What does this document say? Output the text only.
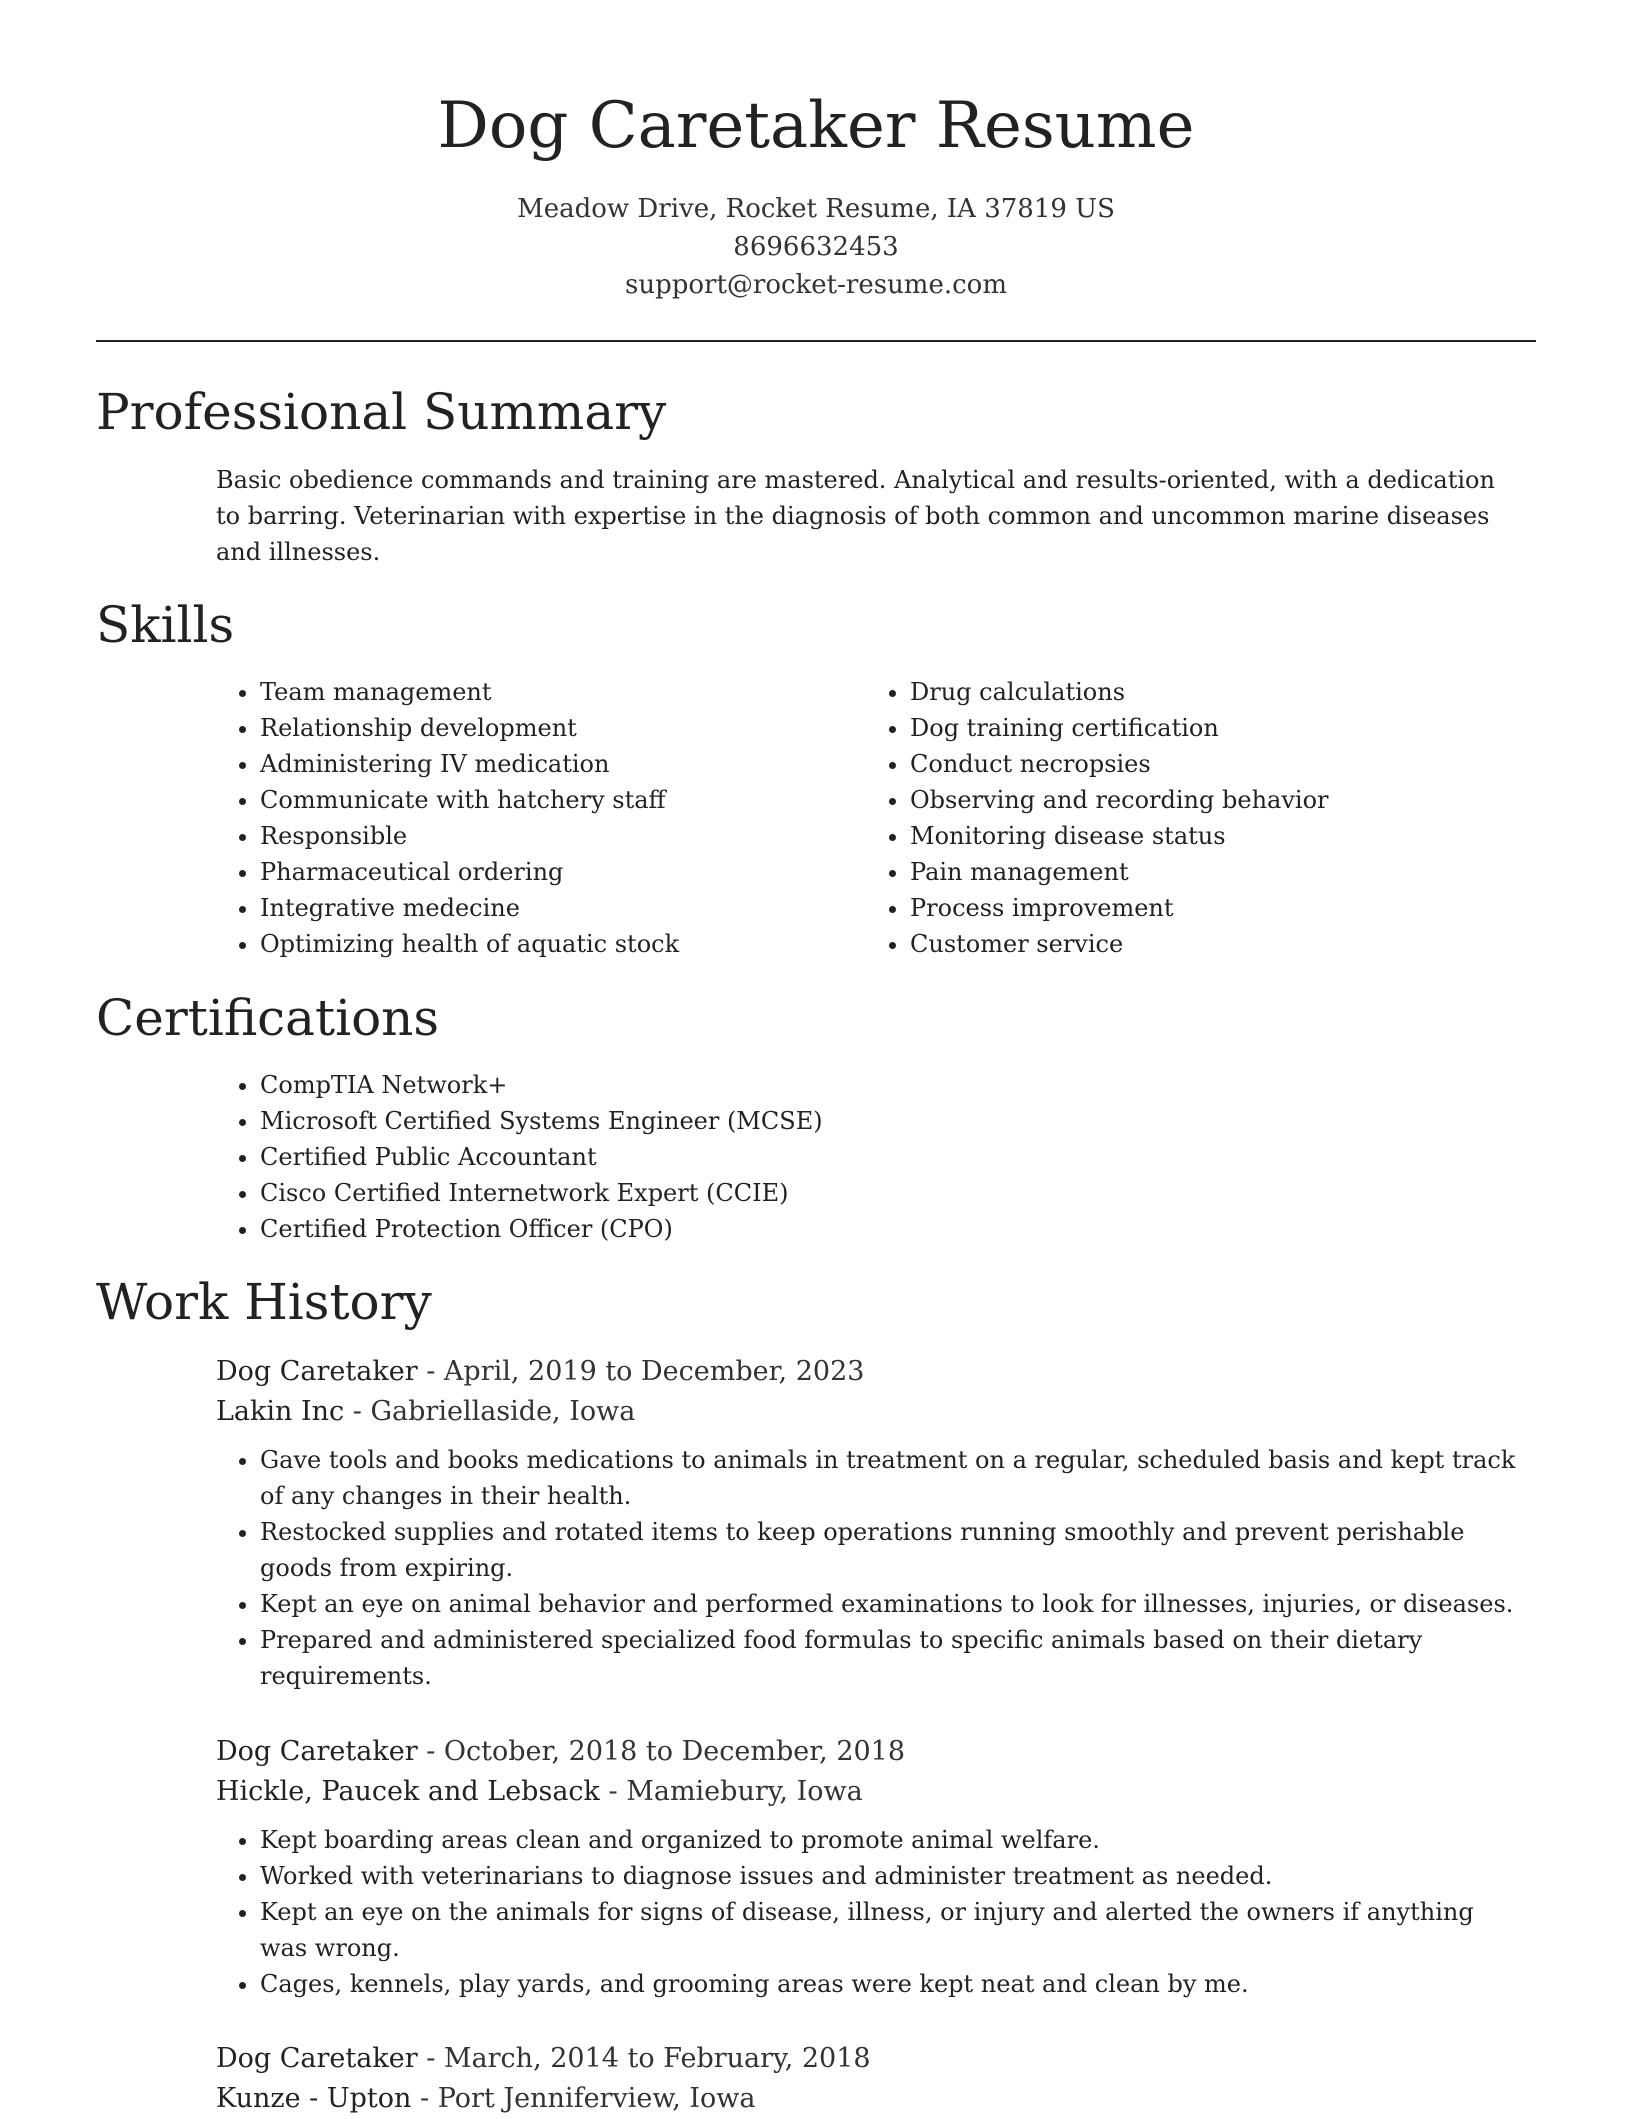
Dog Caretaker Resume
Meadow Drive, Rocket Resume, IA 37819 US
8696632453
support@rocket-resume.com
Professional Summary

Basic obedience commands and training are mastered. Analytical and results-oriented, with a dedication to barring. Veterinarian with expertise in the diagnosis of both common and uncommon marine diseases and illnesses.

Skills
• Team management
• Relationship development
• Administering IV medication
• Communicate with hatchery staff
• Responsible
• Pharmaceutical ordering
• Integrative medecine
• Optimizing health of aquatic stock
• Drug calculations
• Dog training certification
• Conduct necropsies
• Observing and recording behavior
• Monitoring disease status
• Pain management
• Process improvement
• Customer service
Certifications
• CompTIA Network+
• Microsoft Certified Systems Engineer (MCSE)
• Certified Public Accountant
• Cisco Certified Internetwork Expert (CCIE)
• Certified Protection Officer (CPO)
Work History
Dog Caretaker - April, 2019 to December, 2023
Lakin Inc - Gabriellaside, Iowa
• Gave tools and books medications to animals in treatment on a regular, scheduled basis and kept track of any changes in their health.
• Restocked supplies and rotated items to keep operations running smoothly and prevent perishable goods from expiring.
• Kept an eye on animal behavior and performed examinations to look for illnesses, injuries, or diseases.
• Prepared and administered specialized food formulas to specific animals based on their dietary requirements.
Dog Caretaker - October, 2018 to December, 2018
Hickle, Paucek and Lebsack - Mamiebury, Iowa
• Kept boarding areas clean and organized to promote animal welfare.
• Worked with veterinarians to diagnose issues and administer treatment as needed.
• Kept an eye on the animals for signs of disease, illness, or injury and alerted the owners if anything was wrong.
• Cages, kennels, play yards, and grooming areas were kept neat and clean by me.
Dog Caretaker - March, 2014 to February, 2018
Kunze - Upton - Port Jenniferview, Iowa
